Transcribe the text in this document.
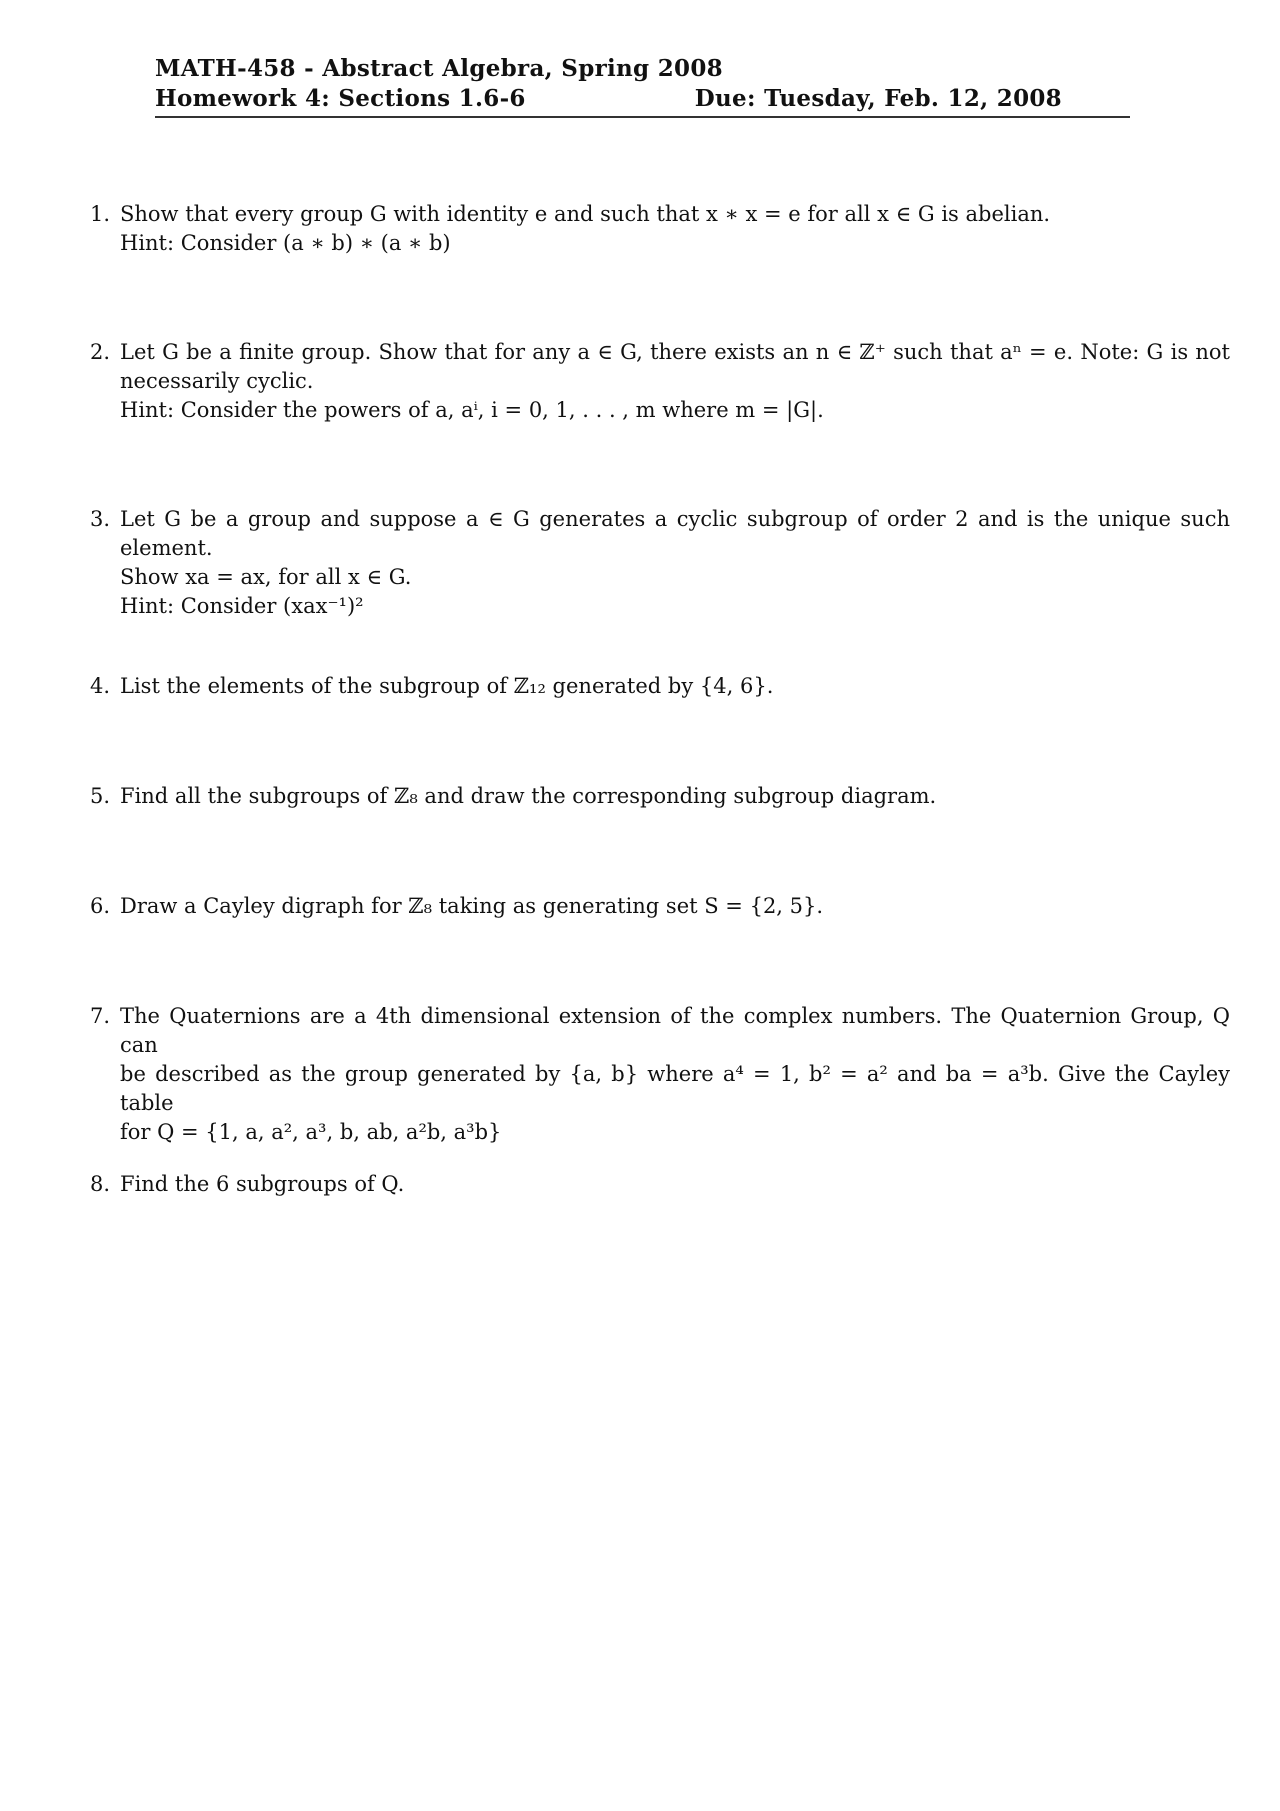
MATH-458 - Abstract Algebra, Spring 2008
Homework 4: Sections 1.6-6	Due: Tuesday, Feb. 12, 2008
1. Show that every group G with identity e and such that x ∗ x = e for all x ∈ G is abelian.
Hint: Consider (a ∗ b) ∗ (a ∗ b)
2. Let G be a finite group. Show that for any a ∈ G, there exists an n ∈ ℤ⁺ such that aⁿ = e. Note: G is not
necessarily cyclic.
Hint: Consider the powers of a, aⁱ, i = 0, 1, . . . , m where m = |G|.
3. Let G be a group and suppose a ∈ G generates a cyclic subgroup of order 2 and is the unique such element.
Show xa = ax, for all x ∈ G.
Hint: Consider (xax⁻¹)²
4. List the elements of the subgroup of ℤ₁₂ generated by {4, 6}.
5. Find all the subgroups of ℤ₈ and draw the corresponding subgroup diagram.
6. Draw a Cayley digraph for ℤ₈ taking as generating set S = {2, 5}.
7. The Quaternions are a 4th dimensional extension of the complex numbers. The Quaternion Group, Q can
be described as the group generated by {a, b} where a⁴ = 1, b² = a² and ba = a³b. Give the Cayley table
for Q = {1, a, a², a³, b, ab, a²b, a³b}
8. Find the 6 subgroups of Q.
